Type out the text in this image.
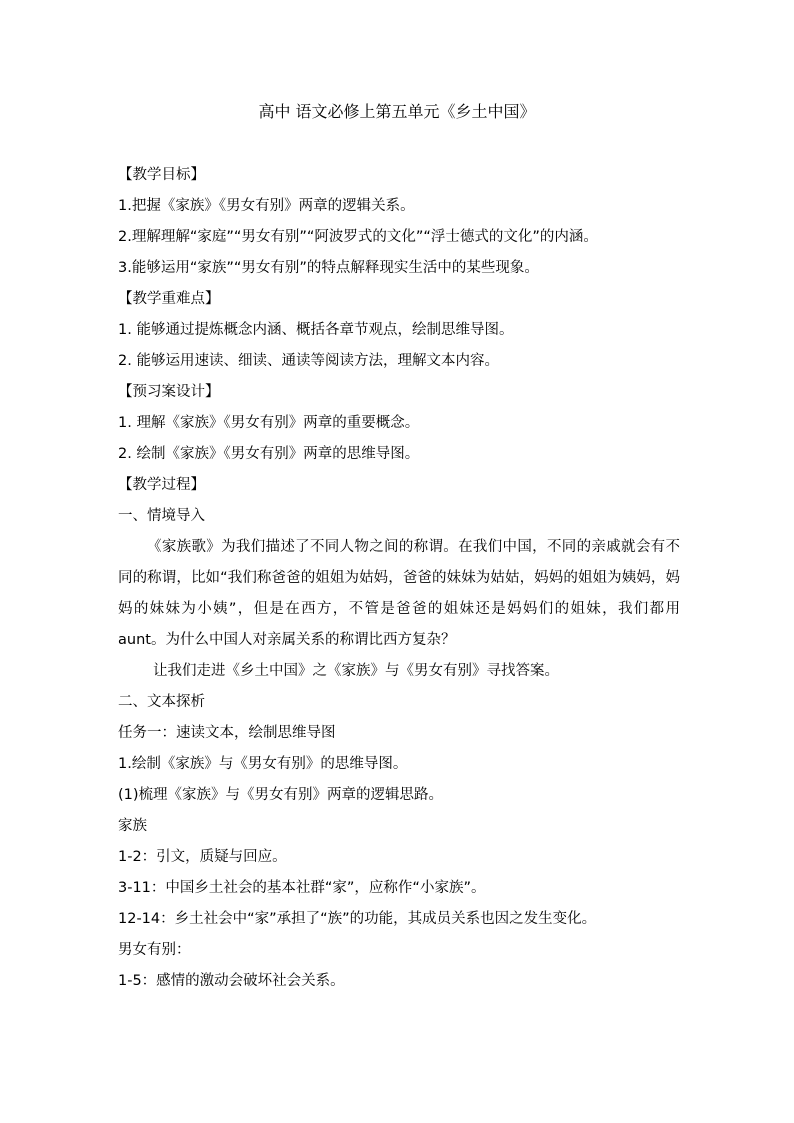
高中 语文必修上第五单元《乡土中国》
【教学目标】
1.把握《家族》《男女有别》两章的逻辑关系。
2.理解理解“家庭”“男女有别”“阿波罗式的文化”“浮士德式的文化”的内涵。
3.能够运用“家族”“男女有别”的特点解释现实生活中的某些现象。
【教学重难点】
1. 能够通过提炼概念内涵、概括各章节观点，绘制思维导图。
2. 能够运用速读、细读、通读等阅读方法，理解文本内容。
【预习案设计】
1. 理解《家族》《男女有别》两章的重要概念。
2. 绘制《家族》《男女有别》两章的思维导图。
【教学过程】
一、情境导入

《家族歌》为我们描述了不同人物之间的称谓。在我们中国，不同的亲戚就会有不同的称谓，比如“我们称爸爸的姐姐为姑妈，爸爸的妹妹为姑姑，妈妈的姐姐为姨妈，妈妈的妹妹为小姨”，但是在西方，不管是爸爸的姐妹还是妈妈们的姐妹，我们都用 aunt。为什么中国人对亲属关系的称谓比西方复杂？

让我们走进《乡土中国》之《家族》与《男女有别》寻找答案。

二、文本探析
任务一：速读文本，绘制思维导图
1.绘制《家族》与《男女有别》的思维导图。
(1)梳理《家族》与《男女有别》两章的逻辑思路。
家族
1-2：引文，质疑与回应。
3-11：中国乡土社会的基本社群“家”，应称作“小家族”。
12-14：乡土社会中“家”承担了“族”的功能，其成员关系也因之发生变化。
男女有别：
1-5：感情的激动会破坏社会关系。
